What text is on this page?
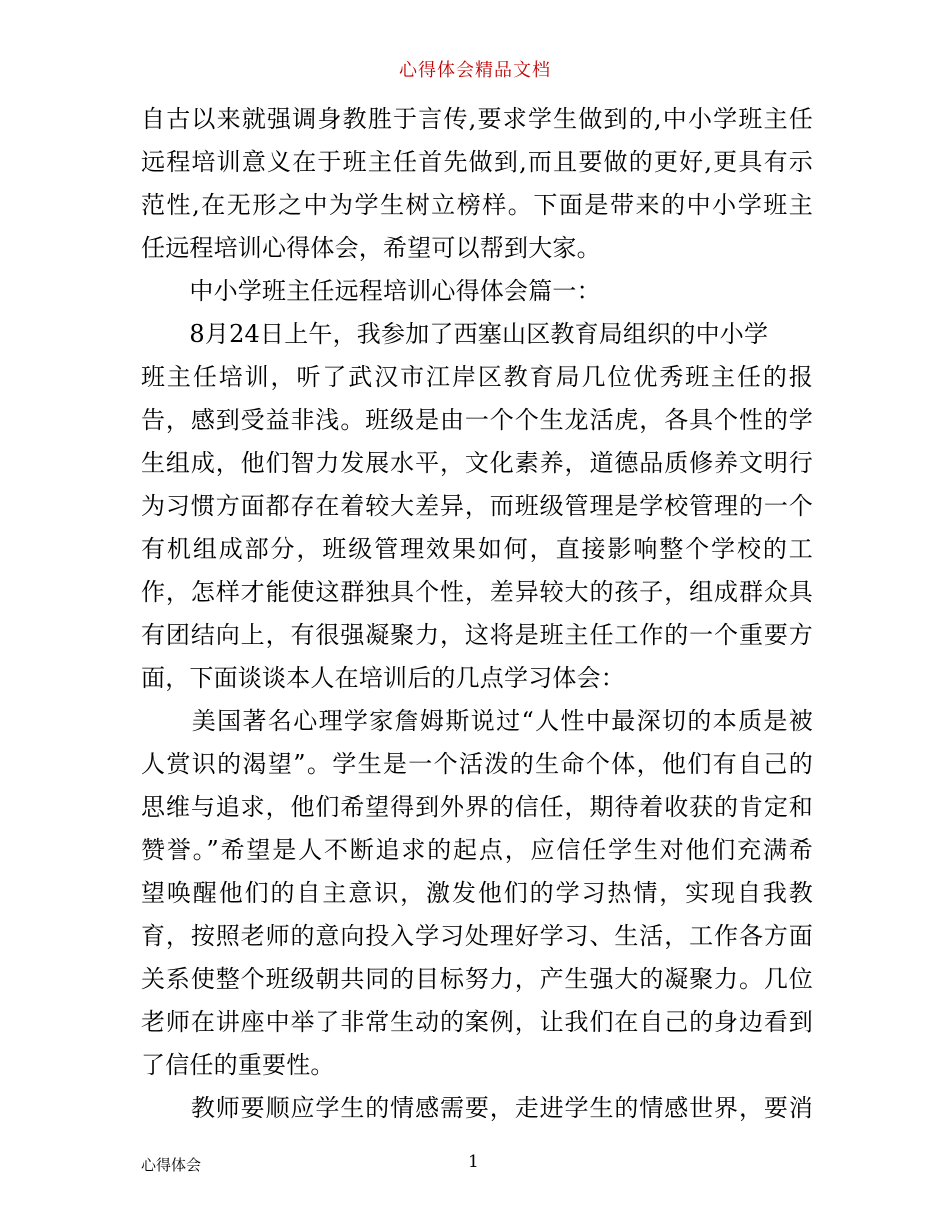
心得体会精品文档
自古以来就强调身教胜于言传,要求学生做到的,中小学班主任
远程培训意义在于班主任首先做到,而且要做的更好,更具有示
范性,在无形之中为学生树立榜样。下面是带来的中小学班主
任远程培训心得体会，希望可以帮到大家。
　　中小学班主任远程培训心得体会篇一：
　　8月24日上午，我参加了西塞山区教育局组织的中小学
班主任培训，听了武汉市江岸区教育局几位优秀班主任的报
告，感到受益非浅。班级是由一个个生龙活虎，各具个性的学
生组成，他们智力发展水平，文化素养，道德品质修养文明行
为习惯方面都存在着较大差异，而班级管理是学校管理的一个
有机组成部分，班级管理效果如何，直接影响整个学校的工
作，怎样才能使这群独具个性，差异较大的孩子，组成群众具
有团结向上，有很强凝聚力，这将是班主任工作的一个重要方
面，下面谈谈本人在培训后的几点学习体会：
　　美国著名心理学家詹姆斯说过“人性中最深切的本质是被
人赏识的渴望”。学生是一个活泼的生命个体，他们有自己的
思维与追求，他们希望得到外界的信任，期待着收获的肯定和
赞誉。”希望是人不断追求的起点，应信任学生对他们充满希
望唤醒他们的自主意识，激发他们的学习热情，实现自我教
育，按照老师的意向投入学习处理好学习、生活，工作各方面
关系使整个班级朝共同的目标努力，产生强大的凝聚力。几位
老师在讲座中举了非常生动的案例，让我们在自己的身边看到
了信任的重要性。
　　教师要顺应学生的情感需要，走进学生的情感世界，要消
心得体会	1
